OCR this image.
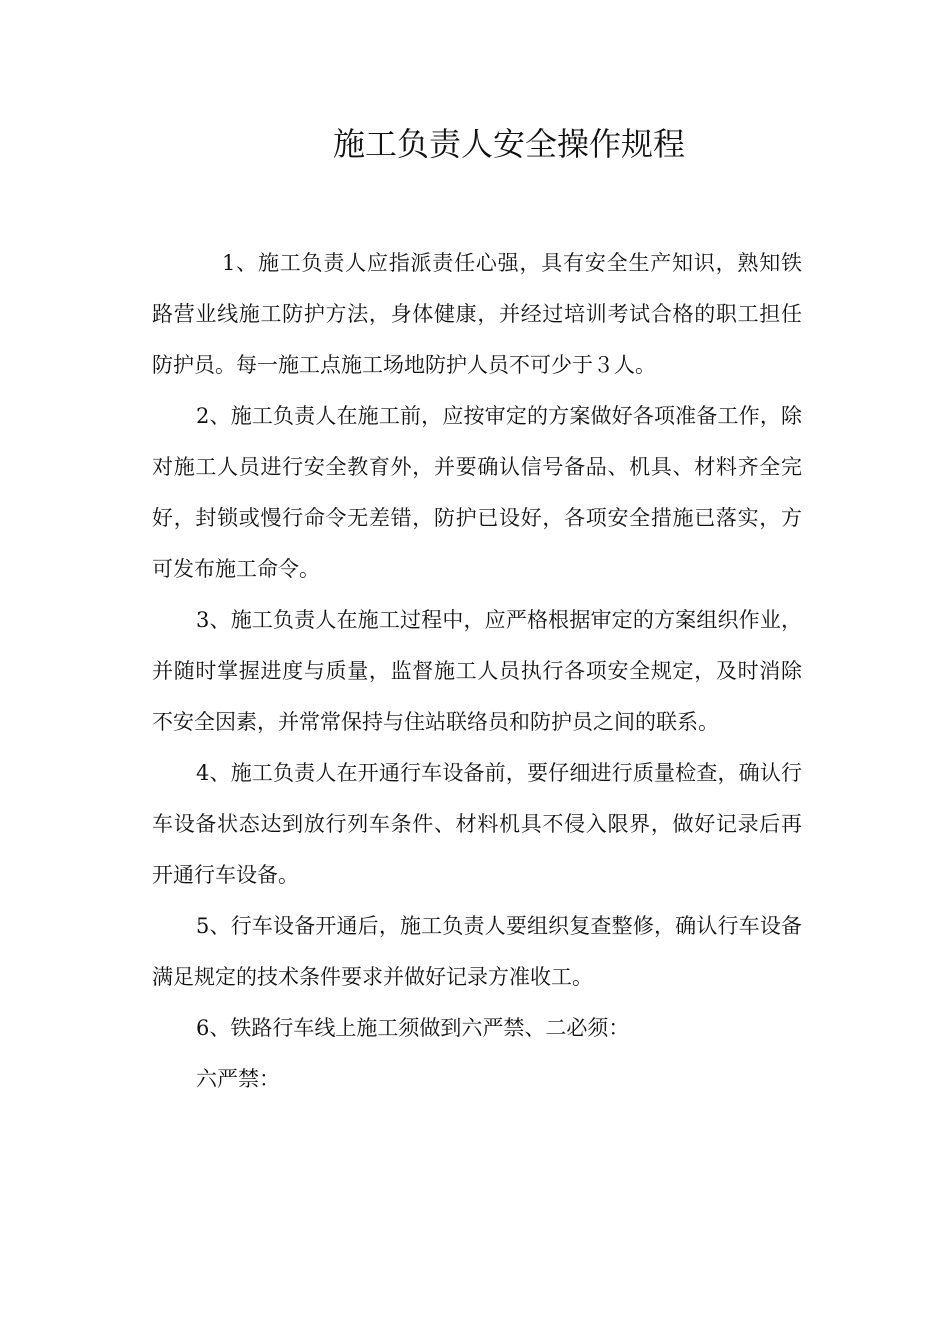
施工负责人安全操作规程

1、施工负责人应指派责任心强，具有安全生产知识，熟知铁路营业线施工防护方法，身体健康，并经过培训考试合格的职工担任防护员。每一施工点施工场地防护人员不可少于３人。

2、施工负责人在施工前，应按审定的方案做好各项准备工作，除对施工人员进行安全教育外，并要确认信号备品、机具、材料齐全完好，封锁或慢行命令无差错，防护已设好，各项安全措施已落实，方可发布施工命令。

3、施工负责人在施工过程中，应严格根据审定的方案组织作业，并随时掌握进度与质量，监督施工人员执行各项安全规定，及时消除不安全因素，并常常保持与住站联络员和防护员之间的联系。

4、施工负责人在开通行车设备前，要仔细进行质量检查，确认行车设备状态达到放行列车条件、材料机具不侵入限界，做好记录后再开通行车设备。

5、行车设备开通后，施工负责人要组织复查整修，确认行车设备满足规定的技术条件要求并做好记录方准收工。

6、铁路行车线上施工须做到六严禁、二必须：

六严禁：
